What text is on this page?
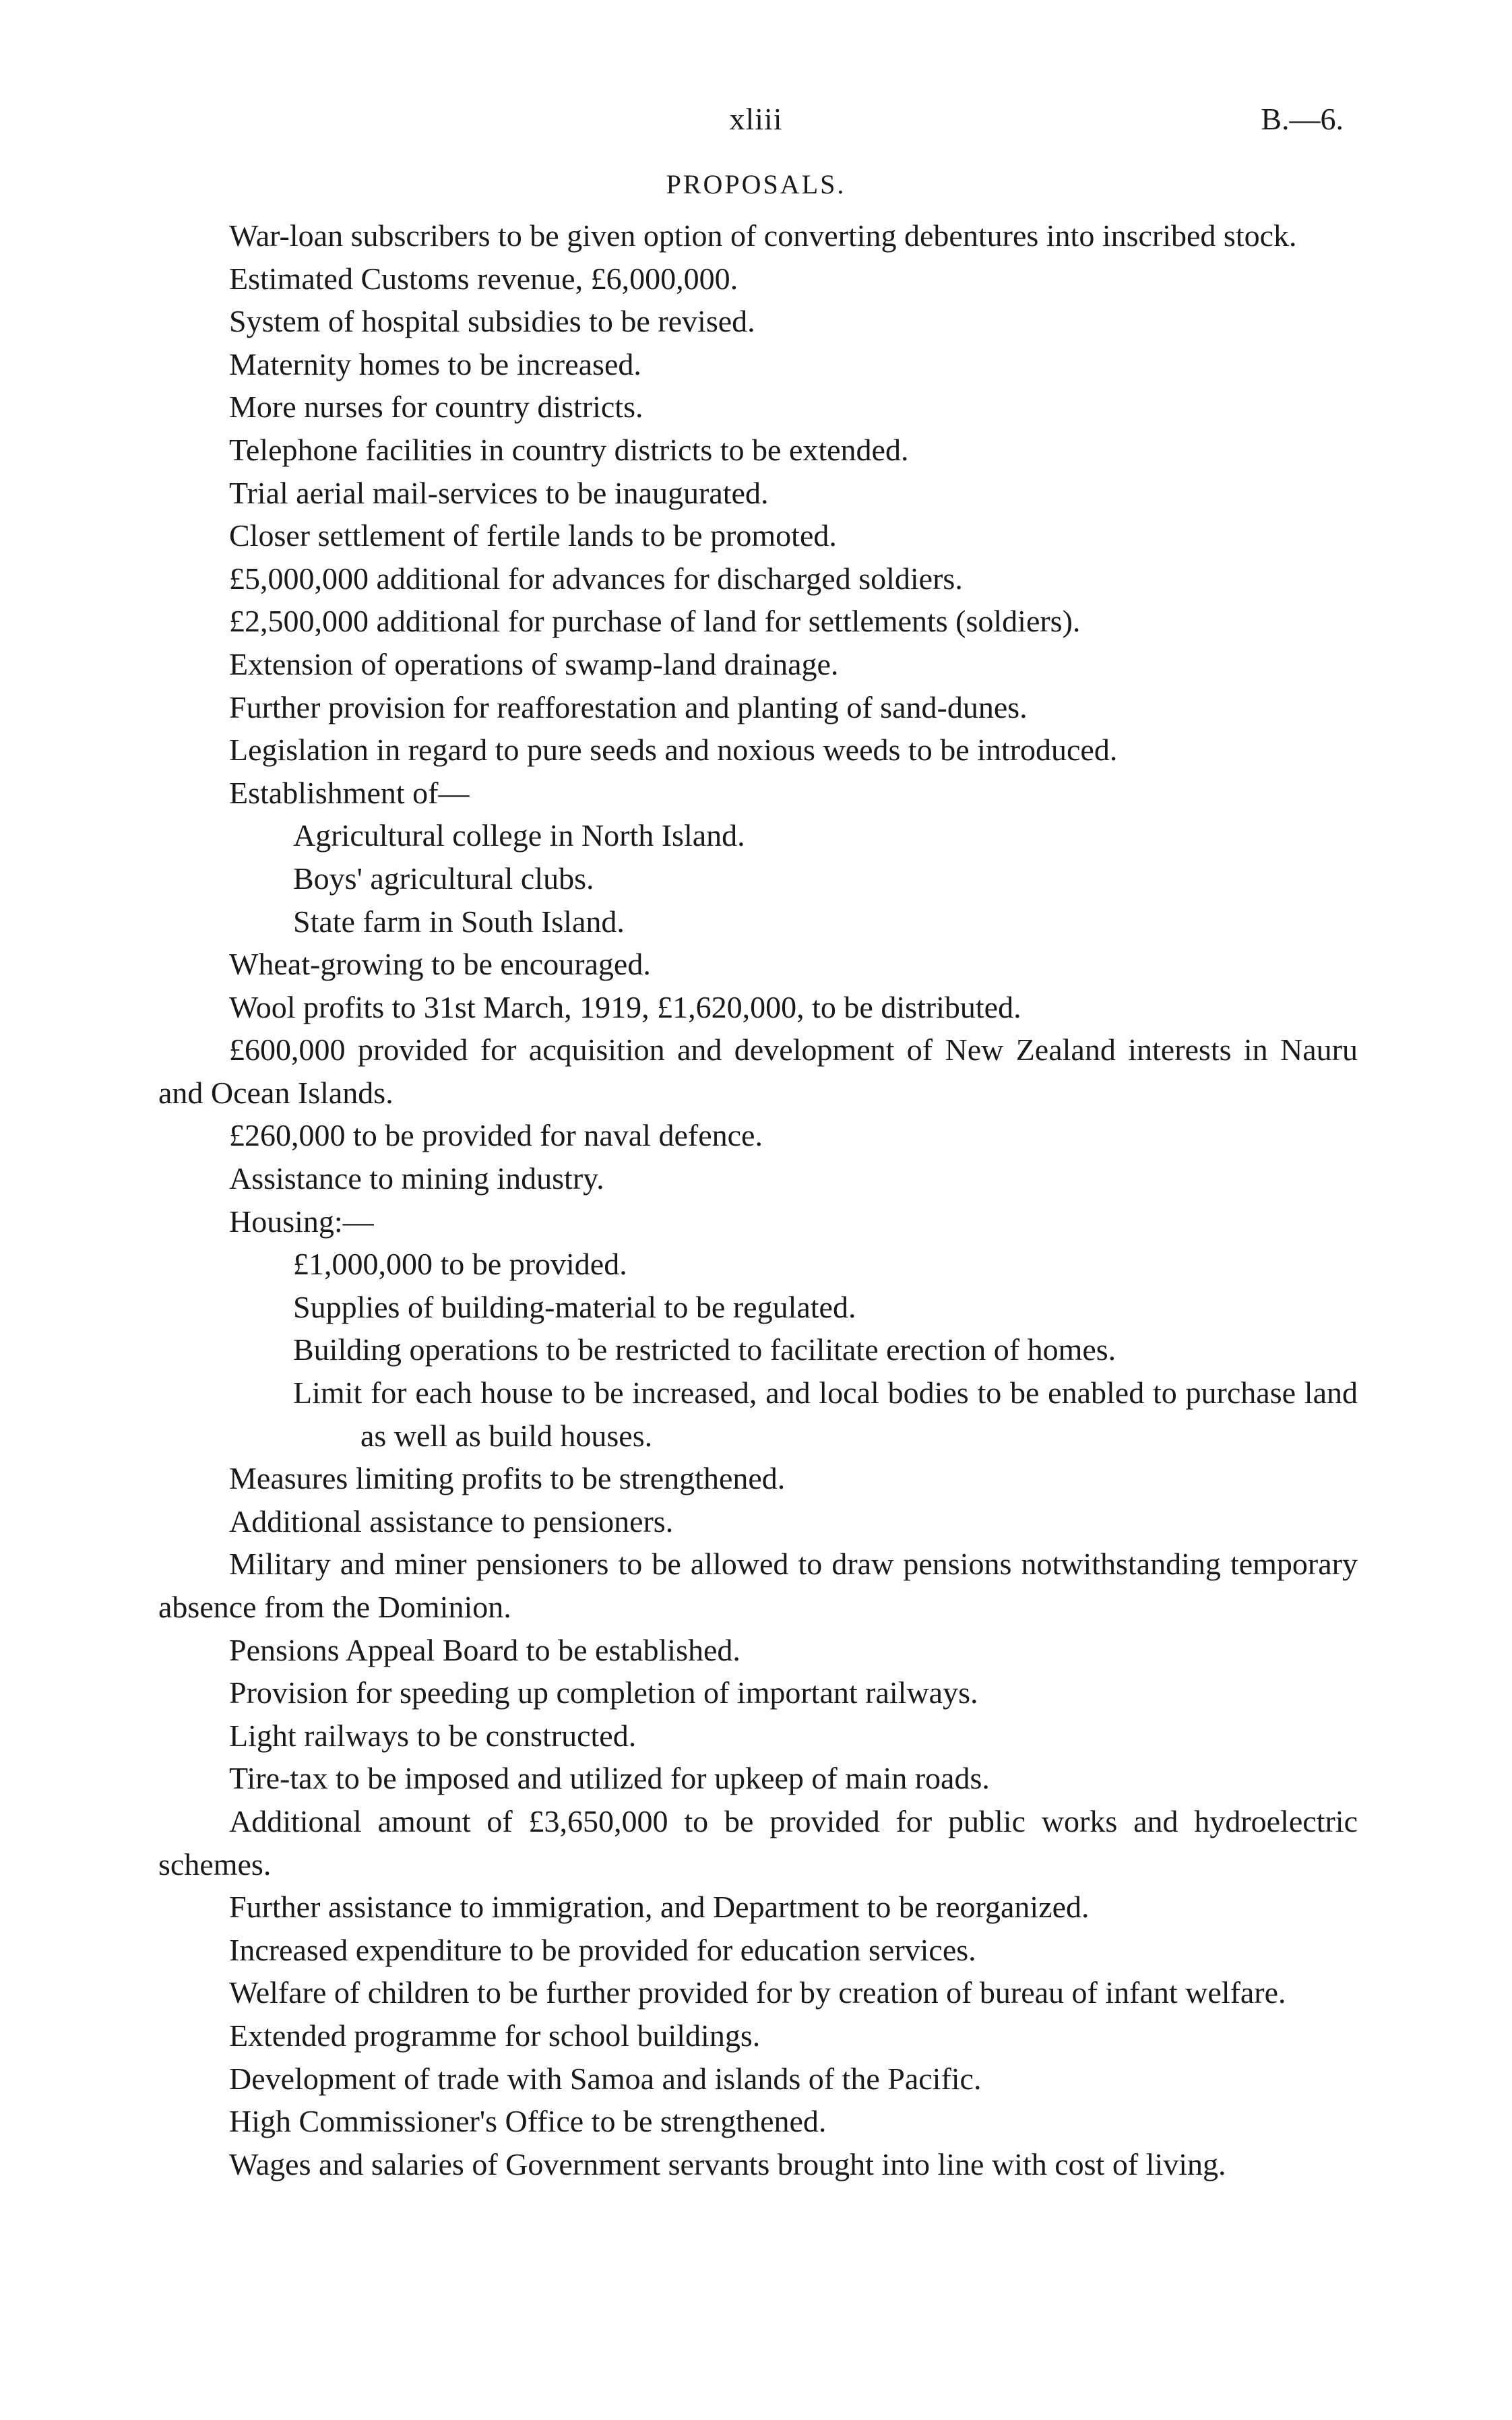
xliii	B.—6.
PROPOSALS.
War-loan subscribers to be given option of converting debentures into inscribed stock.
Estimated Customs revenue, £6,000,000.
System of hospital subsidies to be revised.
Maternity homes to be increased.
More nurses for country districts.
Telephone facilities in country districts to be extended.
Trial aerial mail-services to be inaugurated.
Closer settlement of fertile lands to be promoted.
£5,000,000 additional for advances for discharged soldiers.
£2,500,000 additional for purchase of land for settlements (soldiers).
Extension of operations of swamp-land drainage.
Further provision for reafforestation and planting of sand-dunes.
Legislation in regard to pure seeds and noxious weeds to be introduced.
Establishment of—
Agricultural college in North Island.
Boys' agricultural clubs.
State farm in South Island.
Wheat-growing to be encouraged.
Wool profits to 31st March, 1919, £1,620,000, to be distributed.
£600,000 provided for acquisition and development of New Zealand interests in Nauru and Ocean Islands.
£260,000 to be provided for naval defence.
Assistance to mining industry.
Housing:—
£1,000,000 to be provided.
Supplies of building-material to be regulated.
Building operations to be restricted to facilitate erection of homes.
Limit for each house to be increased, and local bodies to be enabled to purchase land as well as build houses.
Measures limiting profits to be strengthened.
Additional assistance to pensioners.
Military and miner pensioners to be allowed to draw pensions notwithstanding temporary absence from the Dominion.
Pensions Appeal Board to be established.
Provision for speeding up completion of important railways.
Light railways to be constructed.
Tire-tax to be imposed and utilized for upkeep of main roads.
Additional amount of £3,650,000 to be provided for public works and hydroelectric schemes.
Further assistance to immigration, and Department to be reorganized.
Increased expenditure to be provided for education services.
Welfare of children to be further provided for by creation of bureau of infant welfare.
Extended programme for school buildings.
Development of trade with Samoa and islands of the Pacific.
High Commissioner's Office to be strengthened.
Wages and salaries of Government servants brought into line with cost of living.
